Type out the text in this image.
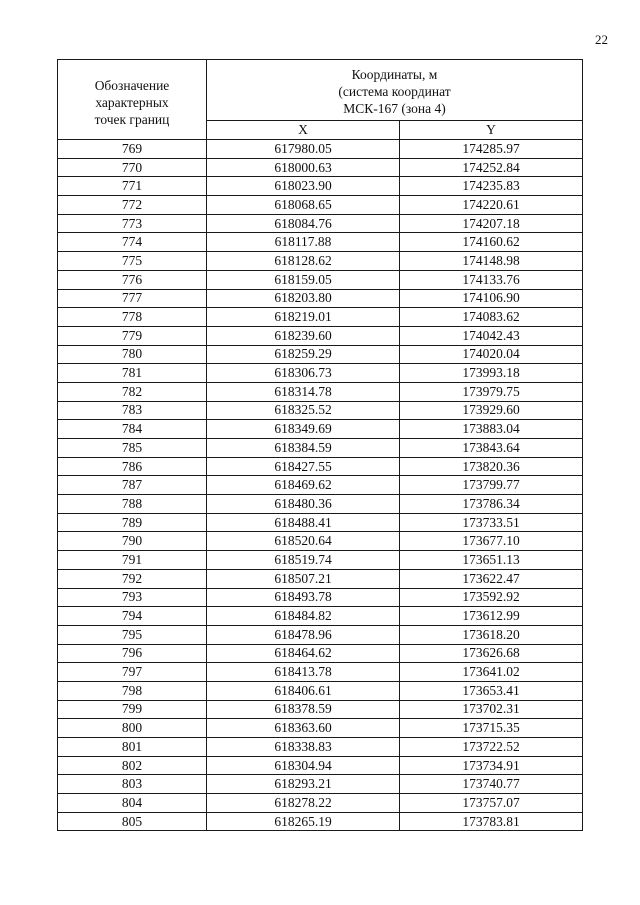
22
Обозначение
характерных
точек границ	Координаты, м
(система координат
МСК-167 (зона 4)	

	X	Y
769	617980.05	174285.97
770	618000.63	174252.84
771	618023.90	174235.83
772	618068.65	174220.61
773	618084.76	174207.18
774	618117.88	174160.62
775	618128.62	174148.98
776	618159.05	174133.76
777	618203.80	174106.90
778	618219.01	174083.62
779	618239.60	174042.43
780	618259.29	174020.04
781	618306.73	173993.18
782	618314.78	173979.75
783	618325.52	173929.60
784	618349.69	173883.04
785	618384.59	173843.64
786	618427.55	173820.36
787	618469.62	173799.77
788	618480.36	173786.34
789	618488.41	173733.51
790	618520.64	173677.10
791	618519.74	173651.13
792	618507.21	173622.47
793	618493.78	173592.92
794	618484.82	173612.99
795	618478.96	173618.20
796	618464.62	173626.68
797	618413.78	173641.02
798	618406.61	173653.41
799	618378.59	173702.31
800	618363.60	173715.35
801	618338.83	173722.52
802	618304.94	173734.91
803	618293.21	173740.77
804	618278.22	173757.07
805	618265.19	173783.81
